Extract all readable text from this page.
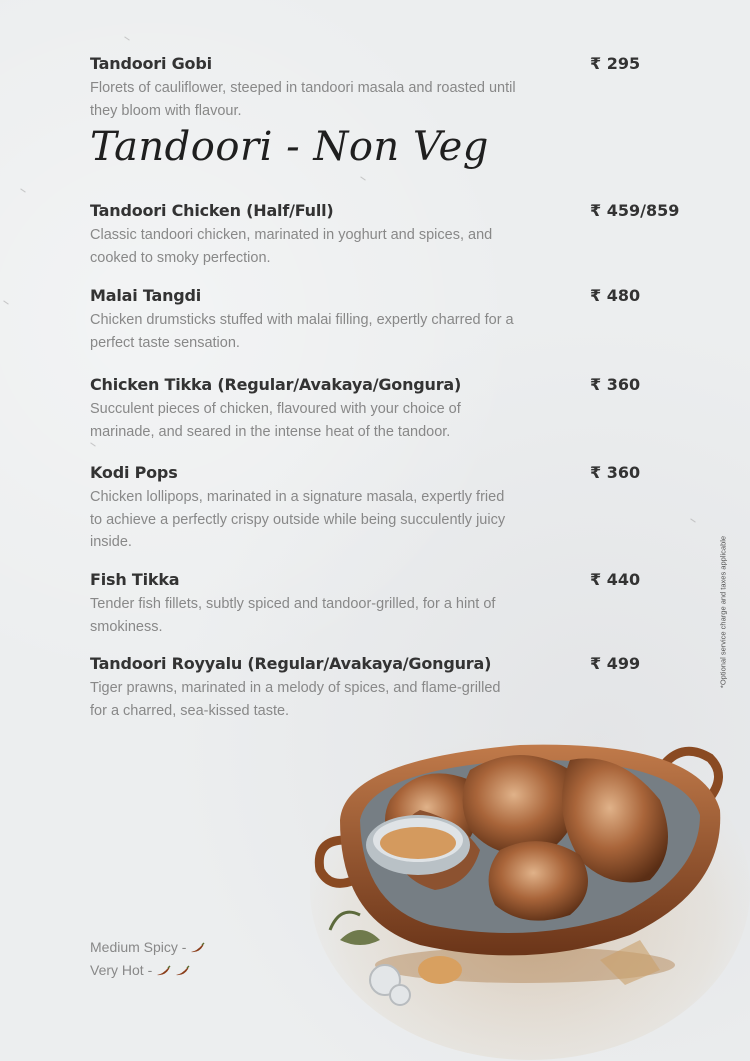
Tandoori Gobi	₹ 295
Florets of cauliflower, steeped in tandoori masala and roasted until they bloom with flavour.
Tandoori - Non Veg
Tandoori Chicken (Half/Full)	₹ 459/859
Classic tandoori chicken, marinated in yoghurt and spices, and cooked to smoky perfection.
Malai Tangdi	₹ 480
Chicken drumsticks stuffed with malai filling, expertly charred for a perfect taste sensation.
Chicken Tikka (Regular/Avakaya/Gongura)	₹ 360
Succulent pieces of chicken, flavoured with your choice of marinade, and seared in the intense heat of the tandoor.
Kodi Pops	₹ 360
Chicken lollipops, marinated in a signature masala, expertly fried to achieve a perfectly crispy outside while being succulently juicy inside.
Fish Tikka	₹ 440
Tender fish fillets, subtly spiced and tandoor-grilled, for a hint of smokiness.
Tandoori Royyalu (Regular/Avakaya/Gongura)	₹ 499
Tiger prawns, marinated in a melody of spices, and flame-grilled for a charred, sea-kissed taste.
*Optional service charge and taxes applicable
Medium Spicy -
Very Hot -
